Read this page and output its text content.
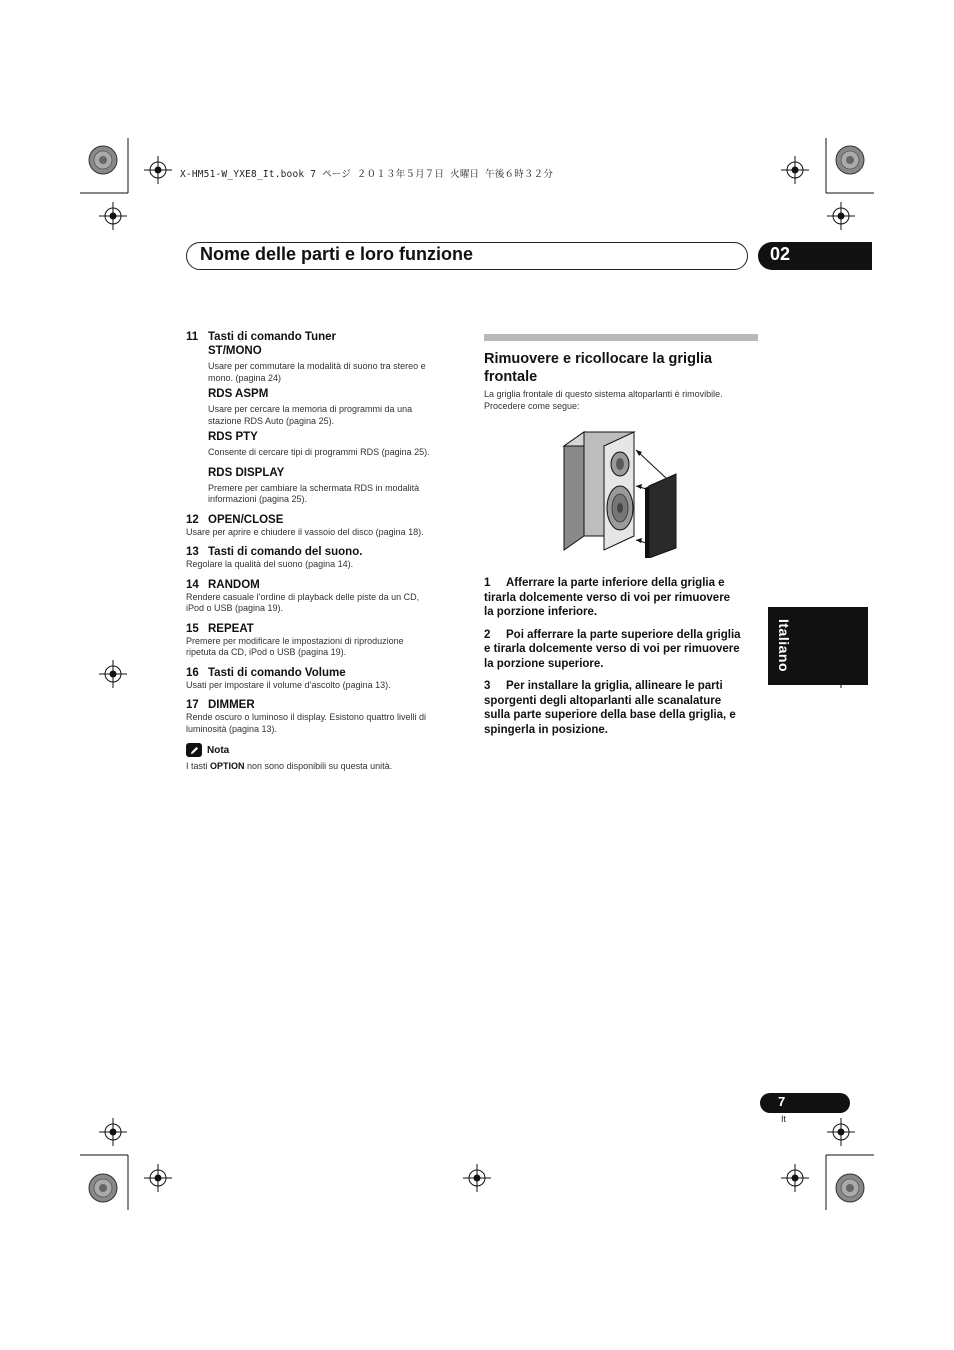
X-HM51-W_YXE8_It.book 7 ページ ２０１３年５月７日 火曜日 午後６時３２分
Nome delle parti e loro funzione	02
Italiano
11 Tasti di comando Tuner
ST/MONO
Usare per commutare la modalità di suono tra stereo e
mono. (pagina 24)
RDS ASPM
Usare per cercare la memoria di programmi da una
stazione RDS Auto (pagina 25).
RDS PTY
Consente di cercare tipi di programmi RDS (pagina 25).
RDS DISPLAY
Premere per cambiare la schermata RDS in modalità
informazioni (pagina 25).
12 OPEN/CLOSE
Usare per aprire e chiudere il vassoio del disco (pagina 18).
13 Tasti di comando del suono.
Regolare la qualità del suono (pagina 14).
14 RANDOM
Rendere casuale l’ordine di playback delle piste da un CD,
iPod o USB (pagina 19).
15 REPEAT
Premere per modificare le impostazioni di riproduzione
ripetuta da CD, iPod o USB (pagina 19).
16 Tasti di comando Volume
Usati per impostare il volume d’ascolto (pagina 13).
17 DIMMER
Rende oscuro o luminoso il display. Esistono quattro livelli di
luminosità (pagina 13).
Nota
I tasti OPTION non sono disponibili su questa unità.
Rimuovere e ricollocare la griglia
frontale
La griglia frontale di questo sistema altoparlanti è rimovibile.
Procedere come segue:
1 Afferrare la parte inferiore della griglia e
tirarla dolcemente verso di voi per rimuovere
la porzione inferiore.
2 Poi afferrare la parte superiore della griglia
e tirarla dolcemente verso di voi per rimuovere
la porzione superiore.
3 Per installare la griglia, allineare le parti
sporgenti degli altoparlanti alle scanalature
sulla parte superiore della base della griglia, e
spingerla in posizione.
7
It
